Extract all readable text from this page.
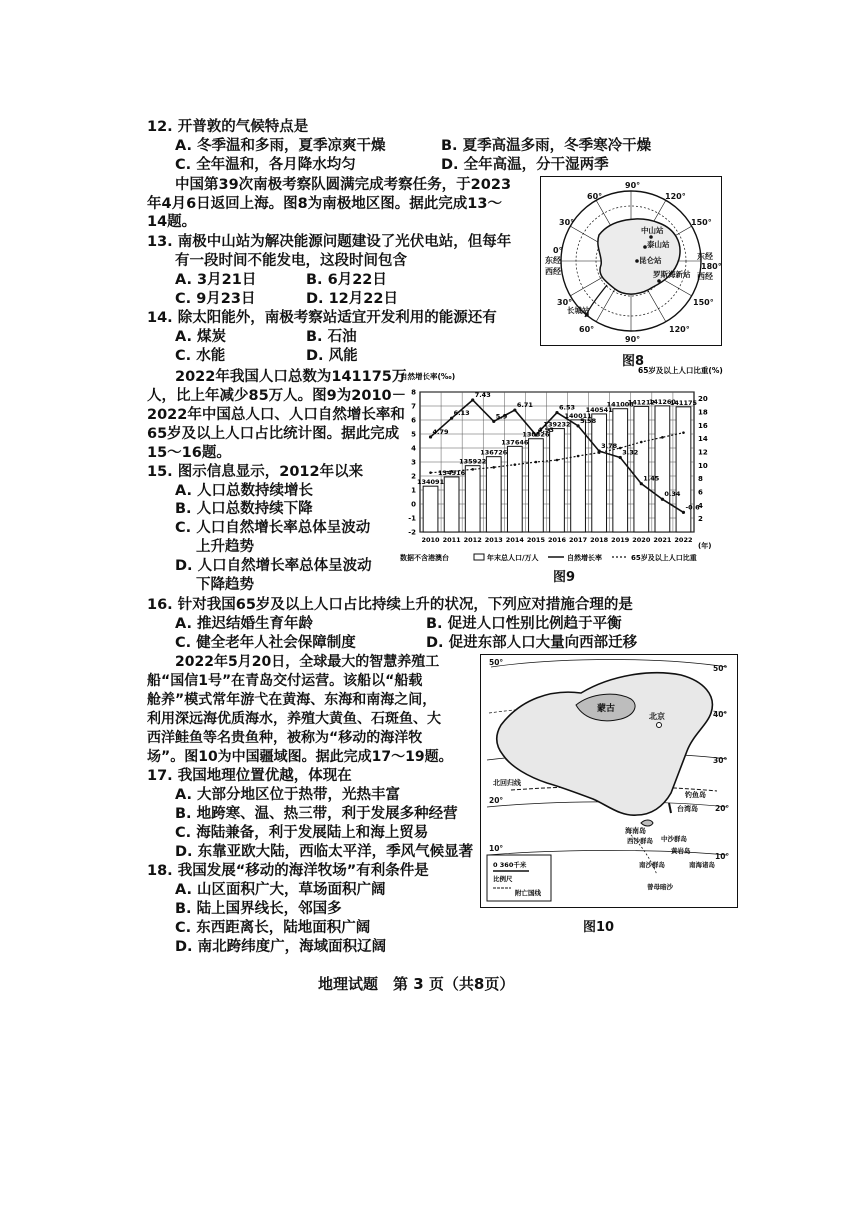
12. 开普敦的气候特点是
A. 冬季温和多雨，夏季凉爽干燥	B. 夏季高温多雨，冬季寒冷干燥
C. 全年温和，各月降水均匀	D. 全年高温，分干湿两季
中国第39次南极考察队圆满完成考察任务，于2023
年4月6日返回上海。图8为南极地区图。据此完成13～
14题。
13. 南极中山站为解决能源问题建设了光伏电站，但每年
有一段时间不能发电，这段时间包含
A. 3月21日	B. 6月22日
C. 9月23日	D. 12月22日
14. 除太阳能外，南极考察站适宜开发利用的能源还有
A. 煤炭	B. 石油
C. 水能	D. 风能
90°
60°	120°
30°	150°
东经
0°
西经
东经
180°
西经
30°	150°
60°	120°
90°
中山站
泰山站
昆仑站
罗斯海新站
长城站
图8
2022年我国人口总数为141175万
人，比上年减少85万人。图9为2010－
2022年中国总人口、人口自然增长率和
65岁及以上人口占比统计图。据此完成
15～16题。
15. 图示信息显示，2012年以来
A. 人口总数持续增长
B. 人口总数持续下降
C. 人口自然增长率总体呈波动
上升趋势
D. 人口自然增长率总体呈波动
下降趋势
8
7
6
5
4
3
2
1
0
-1
-2
20
18
16
14
12
10
8
6
4
2
2010 2011 2012 2013 2014 2015 2016 2017 2018 2019 2020 2021 2022
134091
134916
135922
136726
137646
138326
139232
140011
140541
141008
141212
141260
141175
4.79
6.13
7.43
5.9
6.71
4.93
6.53
5.58
3.78
3.32
1.45
0.34
-0.6
自然增长率(‰)
65岁及以上人口比重(%)
(年)
数据不含港澳台	年末总人口/万人	自然增长率	65岁及以上人口比重
图9
16. 针对我国65岁及以上人口占比持续上升的状况，下列应对措施合理的是
A. 推迟结婚生育年龄	B. 促进人口性别比例趋于平衡
C. 健全老年人社会保障制度	D. 促进东部人口大量向西部迁移
2022年5月20日，全球最大的智慧养殖工
船“国信1号”在青岛交付运营。该船以“船载
舱养”模式常年游弋在黄海、东海和南海之间，
利用深远海优质海水，养殖大黄鱼、石斑鱼、大
西洋鲑鱼等名贵鱼种，被称为“移动的海洋牧
场”。图10为中国疆域图。据此完成17～19题。
17. 我国地理位置优越，体现在
A. 大部分地区位于热带，光热丰富
B. 地跨寒、温、热三带，利于发展多种经营
C. 海陆兼备，利于发展陆上和海上贸易
D. 东靠亚欧大陆，西临太平洋，季风气候显著
18. 我国发展“移动的海洋牧场”有利条件是
A. 山区面积广大，草场面积广阔
B. 陆上国界线长，邻国多
C. 东西距离长，陆地面积广阔
D. 南北跨纬度广，海域面积辽阔
50°
50°
40°
30°
20°
20°
10°
10°
蒙古
北京
北回归线
钓鱼岛
台湾岛
海南岛
西沙群岛 中沙群岛
南沙群岛
黄岩岛
曾母暗沙
南海诸岛
0 360千米
比例尺
附亡国线
图10
地理试题　第 3 页（共8页）
